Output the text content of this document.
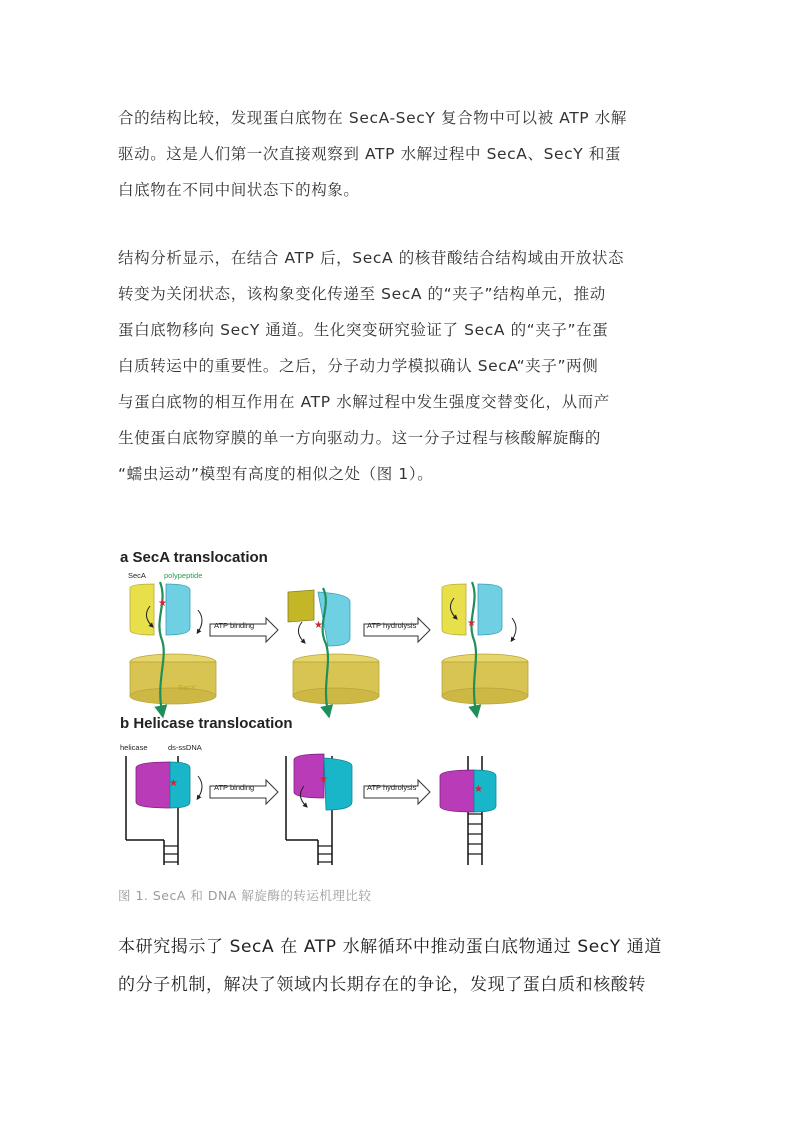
合的结构比较，发现蛋白底物在 SecA-SecY 复合物中可以被 ATP 水解
驱动。这是人们第一次直接观察到 ATP 水解过程中 SecA、SecY 和蛋
白底物在不同中间状态下的构象。
结构分析显示，在结合 ATP 后，SecA 的核苷酸结合结构域由开放状态
转变为关闭状态，该构象变化传递至 SecA 的“夹子”结构单元，推动
蛋白底物移向 SecY 通道。生化突变研究验证了 SecA 的“夹子”在蛋
白质转运中的重要性。之后，分子动力学模拟确认 SecA“夹子”两侧
与蛋白底物的相互作用在 ATP 水解过程中发生强度交替变化，从而产
生使蛋白底物穿膜的单一方向驱动力。这一分子过程与核酸解旋酶的
“蠕虫运动”模型有高度的相似之处（图 1）。
a SecA translocation
SecA polypeptide
★
SecY
ATP binding	★	ATP hydrolysis	★
b Helicase translocation
helicase	ds-ssDNA
★	ATP binding
★
ATP hydrolysis	★
图 1. SecA 和 DNA 解旋酶的转运机理比较
本研究揭示了 SecA 在 ATP 水解循环中推动蛋白底物通过 SecY 通道
的分子机制，解决了领域内长期存在的争论，发现了蛋白质和核酸转
